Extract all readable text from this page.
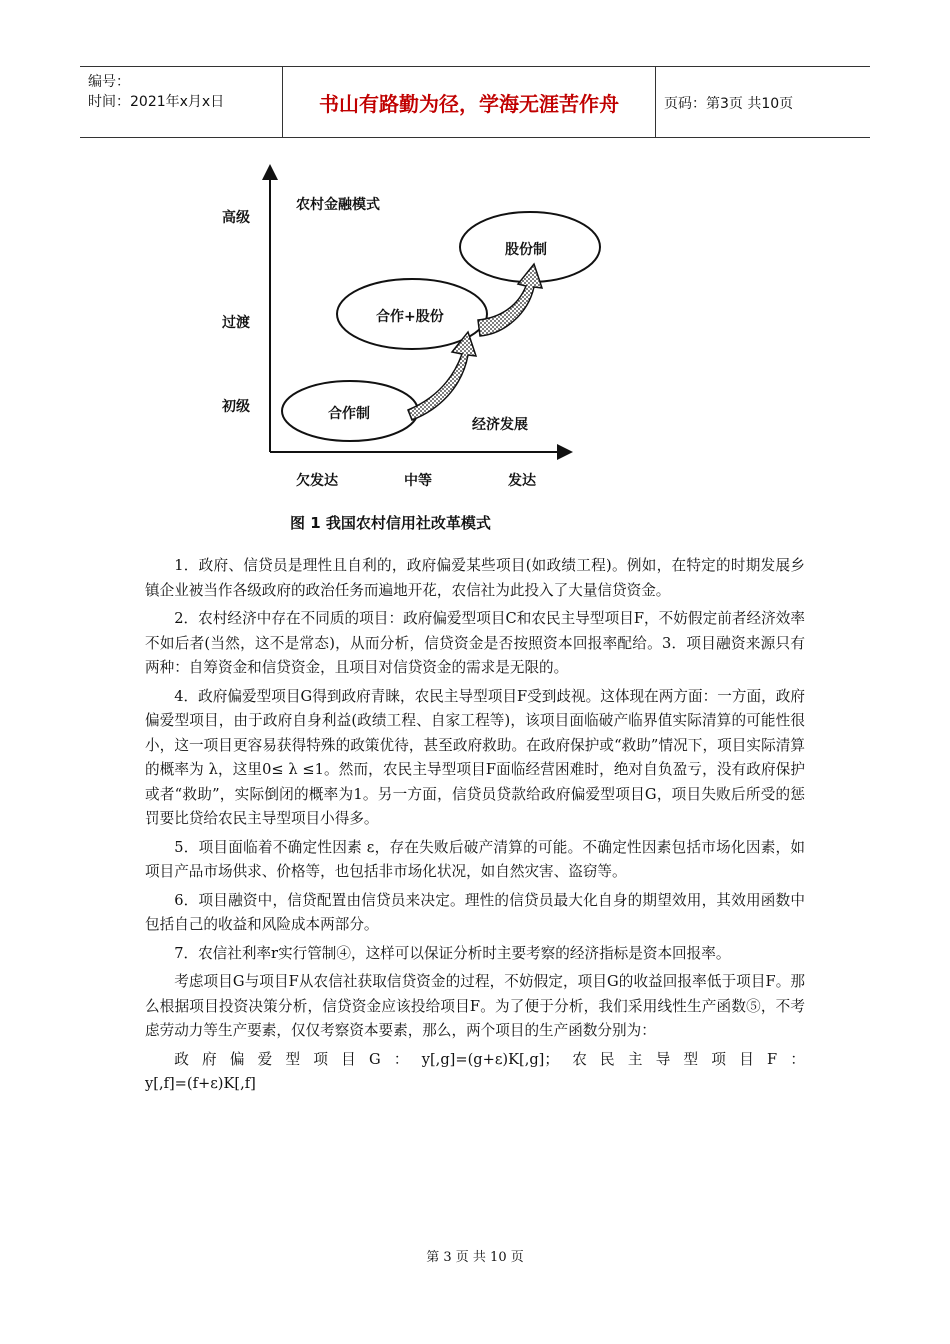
编号：
时间：2021年x月x日	书山有路勤为径，学海无涯苦作舟	页码：第3页 共10页
高级
过渡
初级
农村金融模式
经济发展
合作制
合作+股份
股份制
欠发达	中等	发达
图 1 我国农村信用社改革模式

1．政府、信贷员是理性且自利的，政府偏爱某些项目(如政绩工程)。例如，在特定的时期发展乡镇企业被当作各级政府的政治任务而遍地开花，农信社为此投入了大量信贷资金。

2．农村经济中存在不同质的项目：政府偏爱型项目C和农民主导型项目F，不妨假定前者经济效率不如后者(当然，这不是常态)，从而分析，信贷资金是否按照资本回报率配给。3．项目融资来源只有两种：自筹资金和信贷资金，且项目对信贷资金的需求是无限的。

4．政府偏爱型项目G得到政府青睐，农民主导型项目F受到歧视。这体现在两方面：一方面，政府偏爱型项目，由于政府自身利益(政绩工程、自家工程等)，该项目面临破产临界值实际清算的可能性很小，这一项目更容易获得特殊的政策优待，甚至政府救助。在政府保护或“救助”情况下，项目实际清算的概率为 λ，这里0≤ λ ≤1。然而，农民主导型项目F面临经营困难时，绝对自负盈亏，没有政府保护或者“救助”，实际倒闭的概率为1。另一方面，信贷员贷款给政府偏爱型项目G，项目失败后所受的惩罚要比贷给农民主导型项目小得多。

5．项目面临着不确定性因素 ε，存在失败后破产清算的可能。不确定性因素包括市场化因素，如项目产品市场供求、价格等，也包括非市场化状况，如自然灾害、盗窃等。

6．项目融资中，信贷配置由信贷员来决定。理性的信贷员最大化自身的期望效用，其效用函数中包括自己的收益和风险成本两部分。

7．农信社利率r实行管制④，这样可以保证分析时主要考察的经济指标是资本回报率。

考虑项目G与项目F从农信社获取信贷资金的过程，不妨假定，项目G的收益回报率低于项目F。那么根据项目投资决策分析，信贷资金应该投给项目F。为了便于分析，我们采用线性生产函数⑤，不考虑劳动力等生产要素，仅仅考察资本要素，那么，两个项目的生产函数分别为：

政府偏爱型项目G：y[,g]=(g+ε)K[,g]；农民主导型项目F：
y[,f]=(f+ε)K[,f]
第 3 页 共 10 页
